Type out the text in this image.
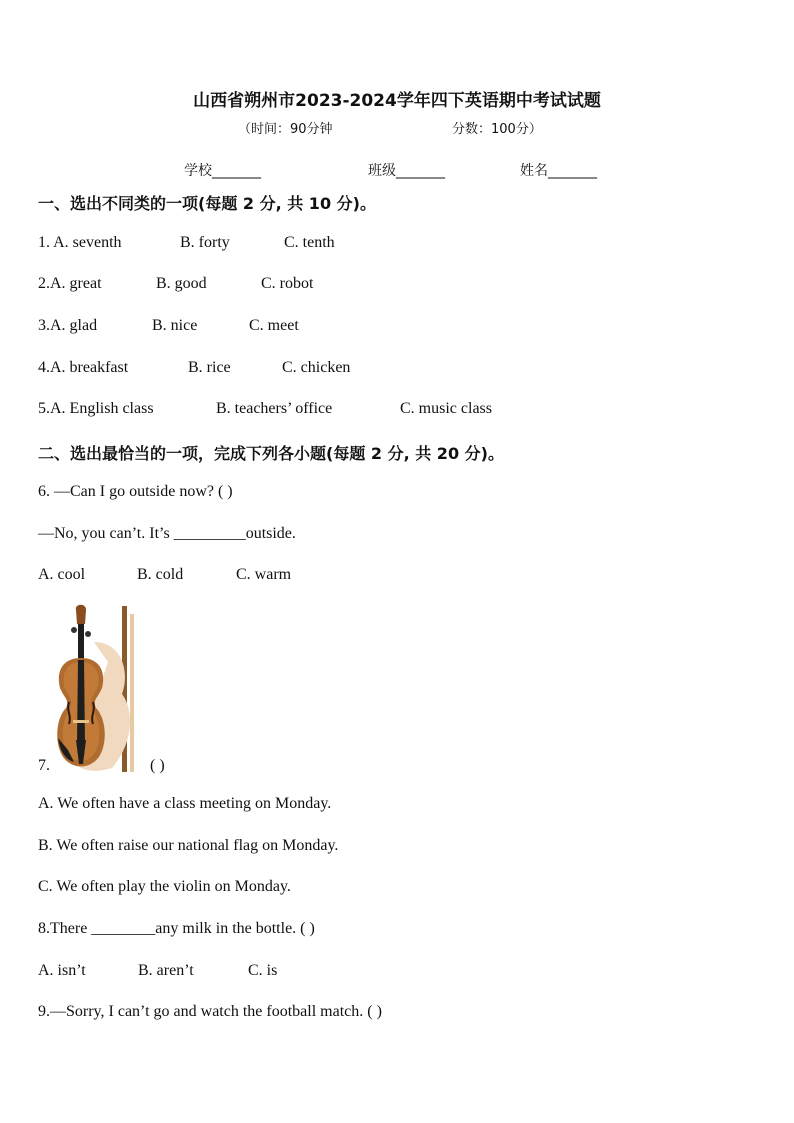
山西省朔州市2023-2024学年四下英语期中考试试题
（时间：90分钟	分数：100分）
学校_______	班级_______	姓名_______
一、选出不同类的一项(每题 2 分, 共 10 分)。
1. A. seventh	B. forty	C. tenth
2.A. great	B. good	C. robot
3.A. glad	B. nice	C. meet
4.A. breakfast	B. rice	C. chicken
5.A. English class	B. teachers’ office	C. music class
二、选出最恰当的一项，完成下列各小题(每题 2 分, 共 20 分)。
6. —Can I go outside now? ( )
—No, you can’t. It’s _________outside.
A. cool	B. cold	C. warm
7.	( )
A. We often have a class meeting on Monday.
B. We often raise our national flag on Monday.
C. We often play the violin on Monday.
8.There ________any milk in the bottle. ( )
A. isn’t	B. aren’t	C. is
9.—Sorry, I can’t go and watch the football match. ( )
